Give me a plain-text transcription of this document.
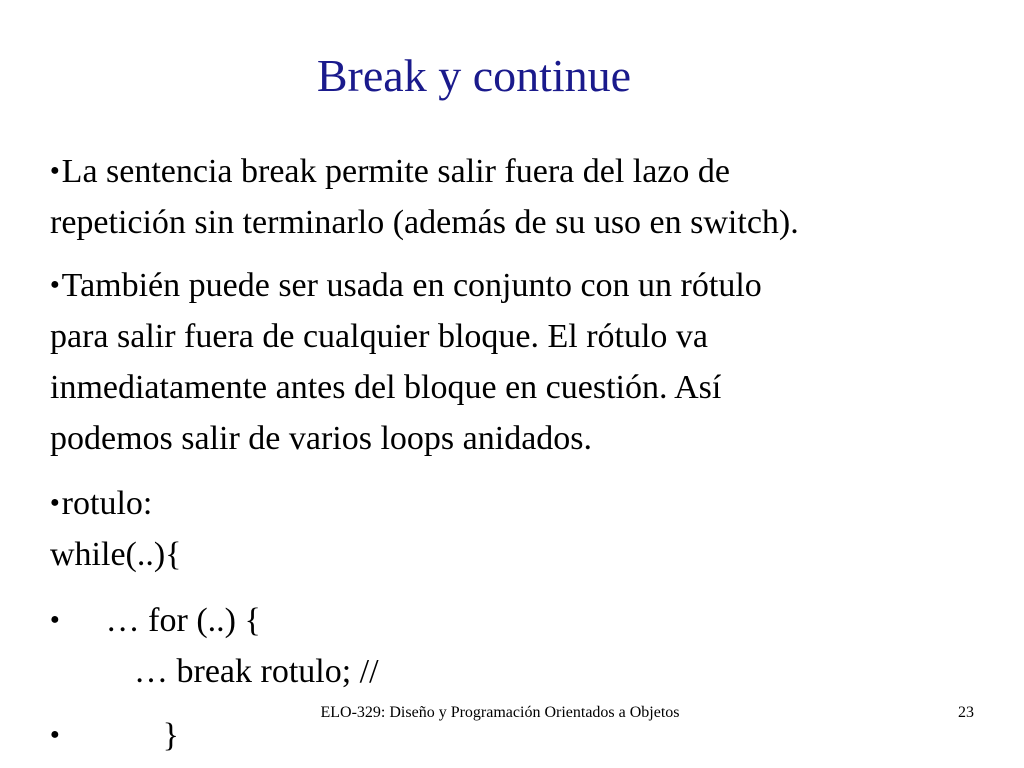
Break y continue
●La sentencia break permite salir fuera del lazo de
repetición sin terminarlo (además de su uso en switch).
●También puede ser usada en conjunto con un rótulo
para salir fuera de cualquier bloque. El rótulo va
inmediatamente antes del bloque en cuestión. Así
podemos salir de varios loops anidados.
●rotulo:
while(..){
● … for (..) {
… break rotulo; //
●	}
ELO-329: Diseño y Programación Orientados a Objetos	23
